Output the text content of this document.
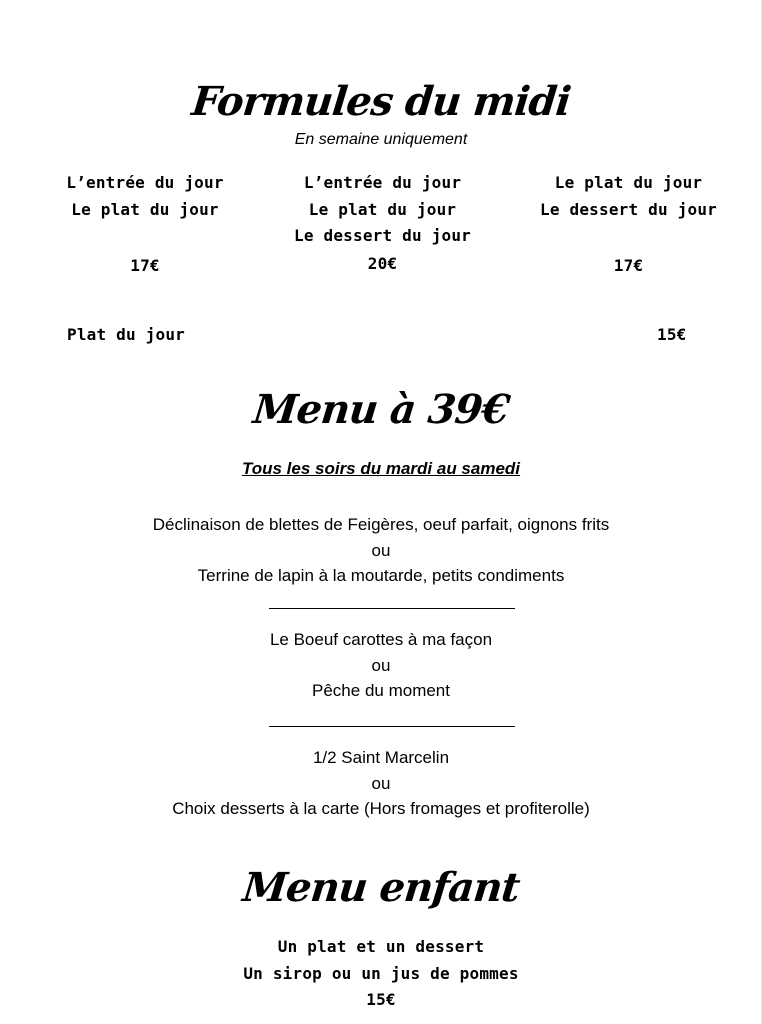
Formules du midi
En semaine uniquement
L’entrée du jour
Le plat du jour
17€
L’entrée du jour
Le plat du jour
Le dessert du jour
20€
Le plat du jour
Le dessert du jour
17€
Plat du jour	15€
Menu à 39€
Tous les soirs du mardi au samedi
Déclinaison de blettes de Feigères, oeuf parfait, oignons frits
ou
Terrine de lapin à la moutarde, petits condiments
Le Boeuf carottes à ma façon
ou
Pêche du moment
1/2 Saint Marcelin
ou
Choix desserts à la carte (Hors fromages et profiterolle)
Menu enfant
Un plat et un dessert
Un sirop ou un jus de pommes
15€
